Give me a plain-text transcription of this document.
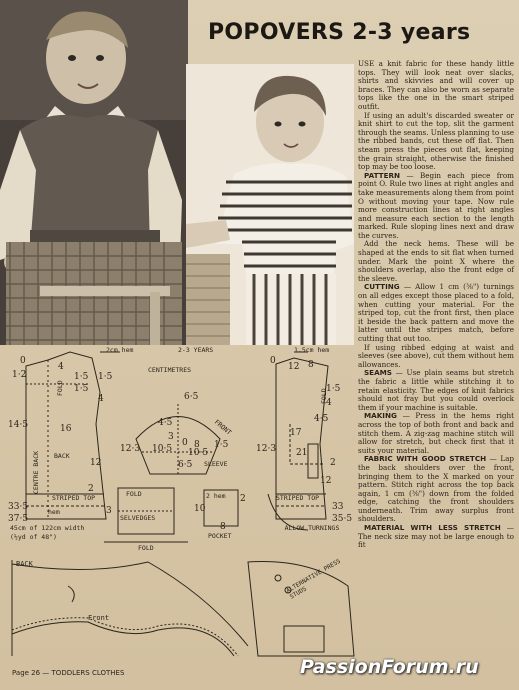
POPOVERS 2-3 years

USE a knit fabric for these handy little tops. They will look neat over slacks, shirts and skivvies and will cover up braces. They can also be worn as separate tops like the one in the smart striped outfit.

If using an adult's discarded sweater or knit shirt to cut the top, slit the garment through the seams. Unless planning to use the ribbed bands, cut these off flat. Then steam press the pieces out flat, keeping the grain straight, otherwise the finished top may be too loose.

PATTERN — Begin each piece from point O. Rule two lines at right angles and take measurements along them from point O without moving your tape. Now rule more construction lines at right angles and measure each section to the length marked. Rule sloping lines next and draw the curves.

Add the neck hems. These will be shaped at the ends to sit flat when turned under. Mark the point X where the shoulders overlap, also the front edge of the sleeve.

CUTTING — Allow 1 cm (⅜") turnings on all edges except those placed to a fold, when cutting your material. For the striped top, cut the front first, then place it beside the back pattern and move the latter until the stripes match, before cutting that out too.

If using ribbed edging at waist and sleeves (see above), cut them without hem allowances.

SEAMS — Use plain seams but stretch the fabric a little while stitching it to retain elasticity. The edges of knit fabrics should not fray but you could overlock them if your machine is suitable.

MAKING — Press in the hems right across the top of both front and back and stitch them. A zig-zag machine stitch will allow for stretch, but check first that it suits your material.

FABRIC WITH GOOD STRETCH — Lap the back shoulders over the front, bringing them to the X marked on your pattern. Stitch right across the top back again, 1 cm (⅜") down from the folded edge, catching the front shoulders underneath. Trim away surplus front shoulders.

MATERIAL WITH LESS STRETCH — The neck size may not be large enough to fit

2cm hem	2-3 YEARS	1.5cm hem
CENTIMETRES
FOLD
CENTRE BACK BACK
FRONT
SLEEVE
STRIPED TOP	STRIPED TOP
hem
FOLD
SELVEDGES
2 hem
POCKET
ALLOW TURNINGS
45cm of 122cm width
(½yd of 48")
FOLD
FOLD
0
1·2
4
1·5 1·5
1·5
4
14·5	16
12
2
33·5
37·5
3
6·5
0
3
4·5
12·3 10·5 8
10·5
6·5
1·5
0
12 8
17
12·3
4·5
1·5
4
2
21
12
33
35·5
10
8
2
BACK
Front
ALTERNATIVE PRESS STUDS
Page 26 — TODDLERS CLOTHES	PassionForum.ru
